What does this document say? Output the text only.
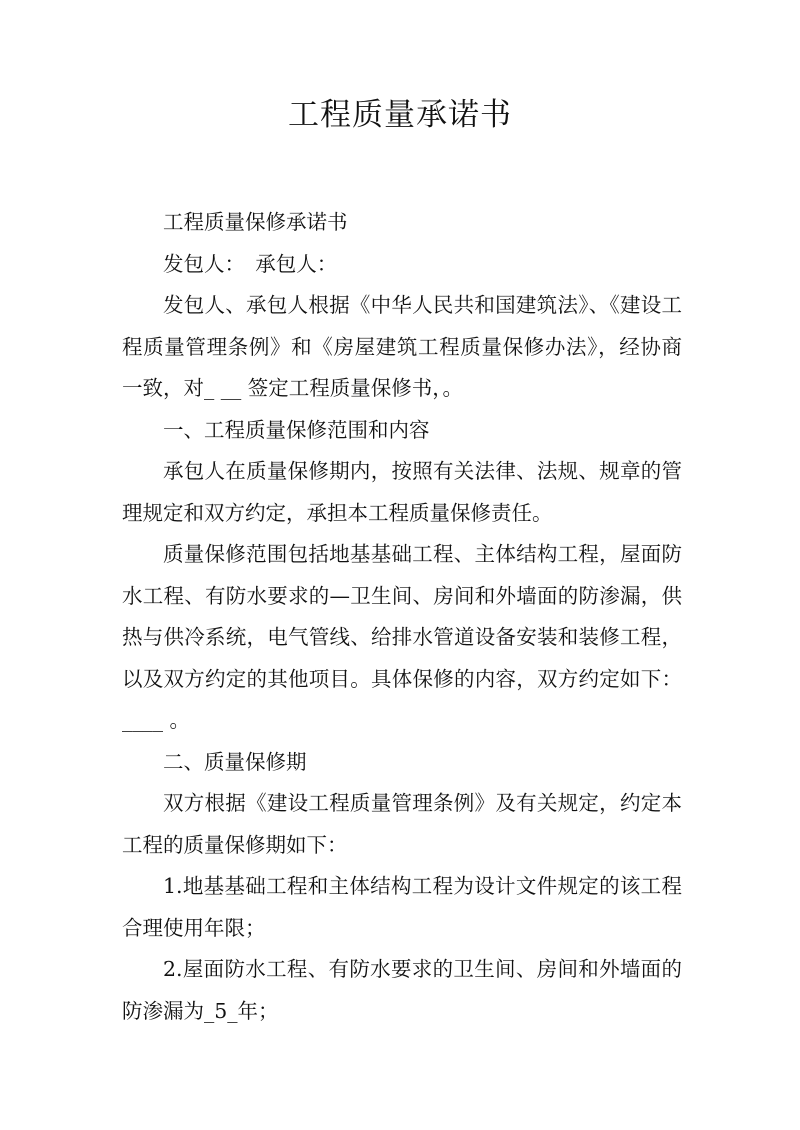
工程质量承诺书

工程质量保修承诺书

发包人：　承包人：

发包人、承包人根据《中华人民共和国建筑法》、《建设工程质量管理条例》和《房屋建筑工程质量保修办法》，经协商一致，对_ __ 签定工程质量保修书，。

一、工程质量保修范围和内容

承包人在质量保修期内，按照有关法律、法规、规章的管理规定和双方约定，承担本工程质量保修责任。

质量保修范围包括地基基础工程、主体结构工程，屋面防水工程、有防水要求的—卫生间、房间和外墙面的防渗漏，供热与供冷系统，电气管线、给排水管道设备安装和装修工程，以及双方约定的其他项目。具体保修的内容，双方约定如下：____ 。

二、质量保修期

双方根据《建设工程质量管理条例》及有关规定，约定本工程的质量保修期如下：

1.地基基础工程和主体结构工程为设计文件规定的该工程合理使用年限；

2.屋面防水工程、有防水要求的卫生间、房间和外墙面的防渗漏为_5_年；
